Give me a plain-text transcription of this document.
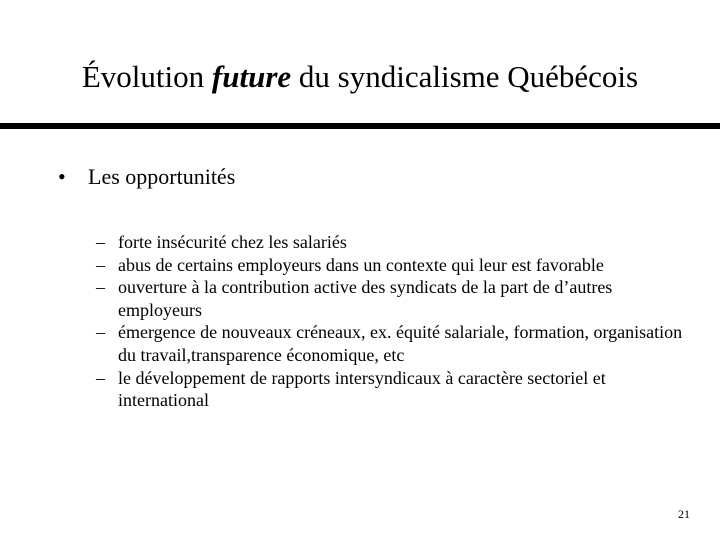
Évolution future du syndicalisme Québécois
• Les opportunités
– forte insécurité chez les salariés
– abus de certains employeurs dans un contexte qui leur est favorable
– ouverture à la contribution active des syndicats de la part de d’autres employeurs
– émergence de nouveaux créneaux, ex. équité salariale, formation, organisation du travail,transparence économique, etc
– le développement de rapports intersyndicaux à caractère sectoriel et international
21
